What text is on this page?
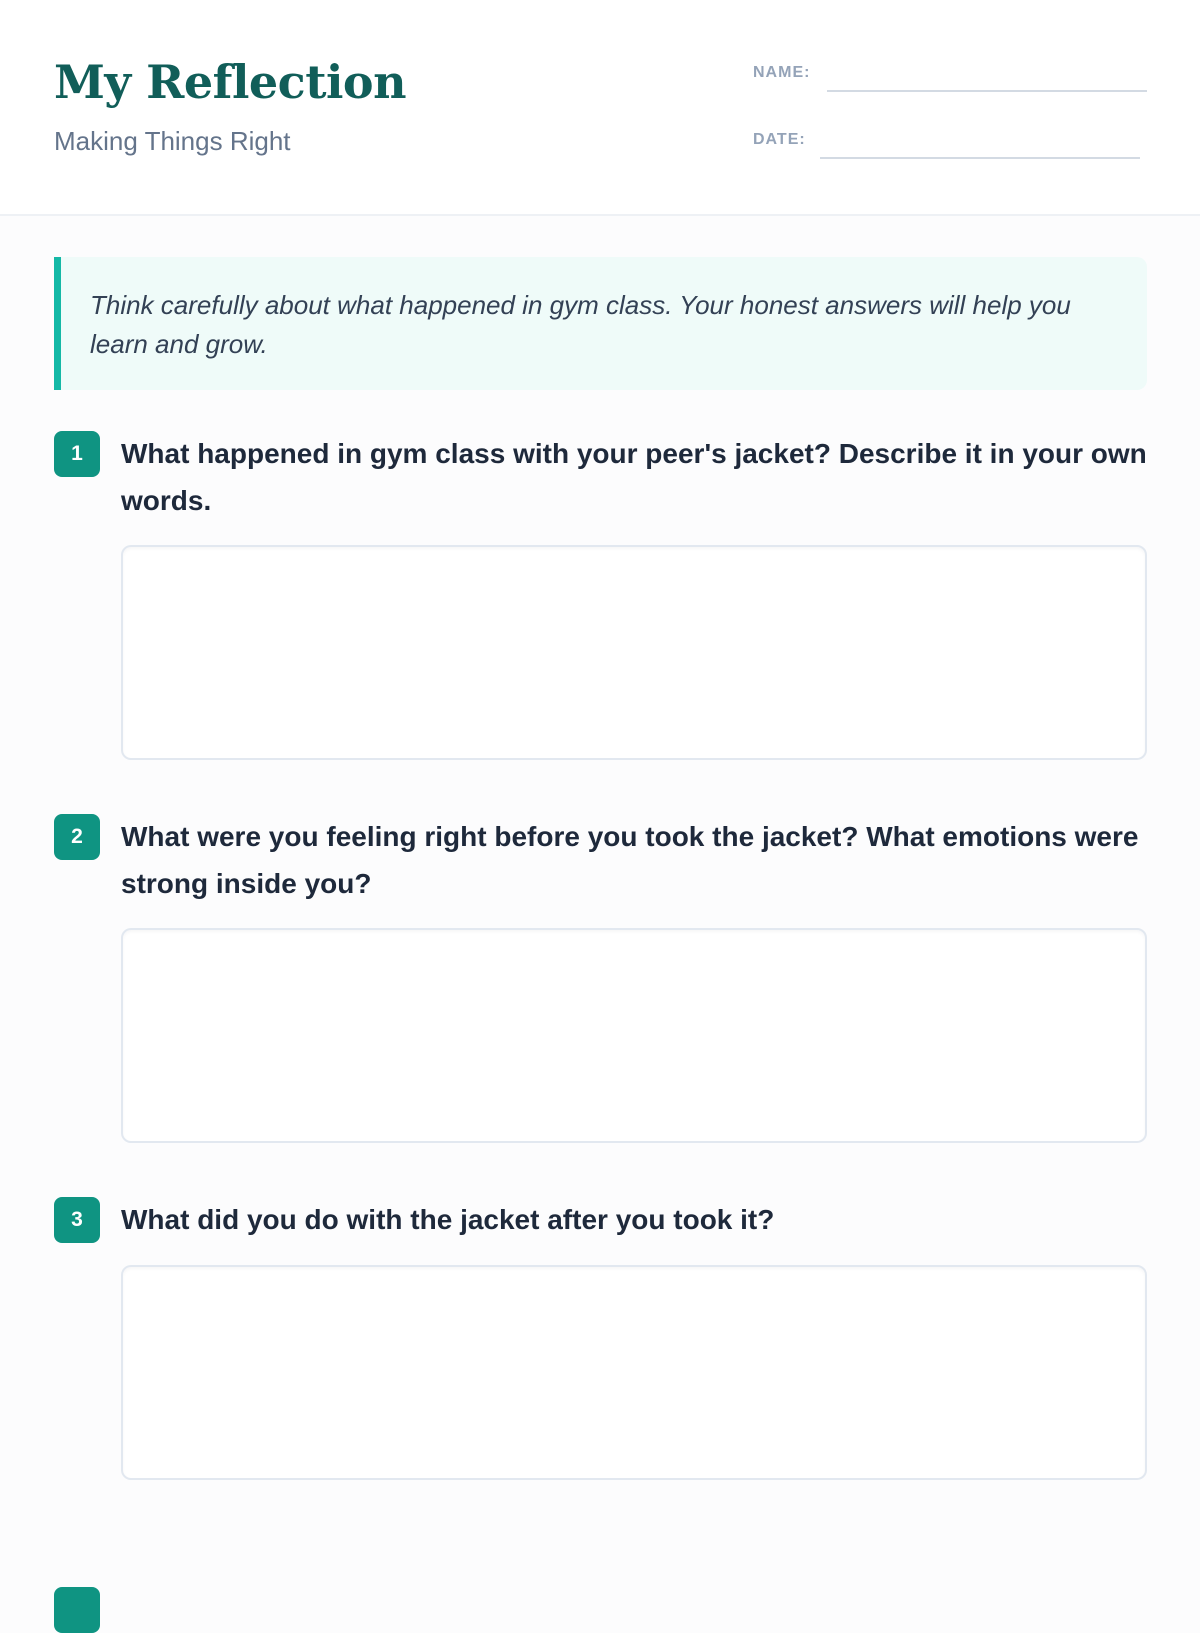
My Reflection
Making Things Right
NAME:
DATE:
Think carefully about what happened in gym class. Your honest answers will help you learn and grow.
1	What happened in gym class with your peer's jacket? Describe it in your own words.
2	What were you feeling right before you took the jacket? What emotions were strong inside you?
3	What did you do with the jacket after you took it?
